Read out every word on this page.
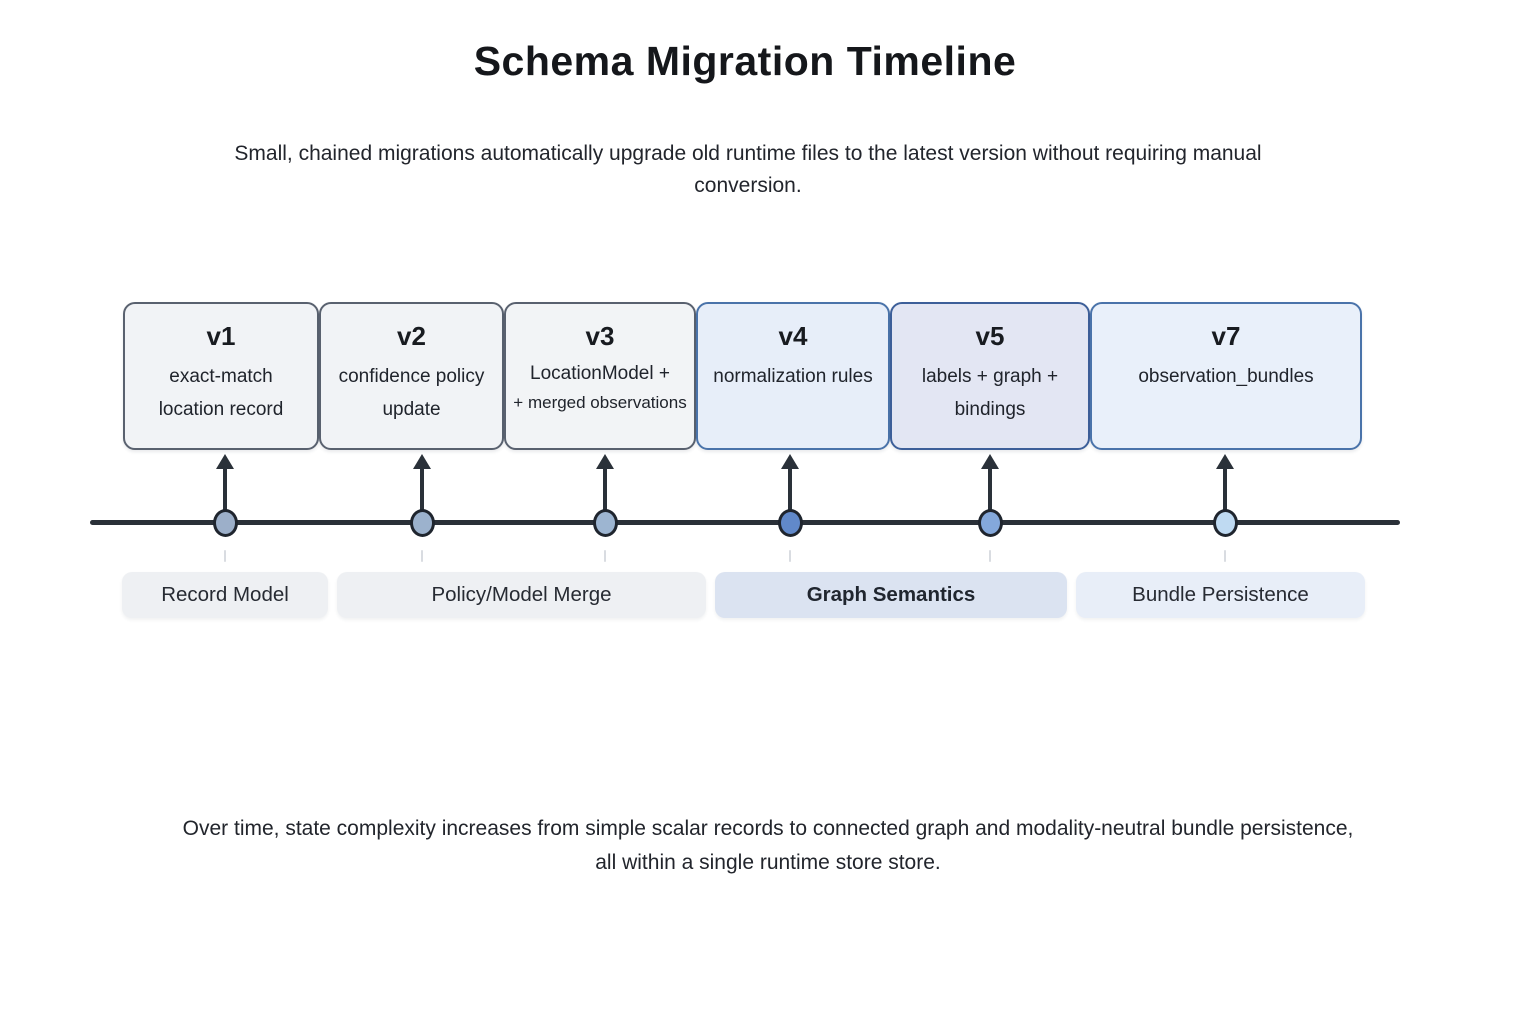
Schema Migration Timeline
Small, chained migrations automatically upgrade old runtime files to the latest version without requiring manual conversion.
v1
exact-match location record
v2
confidence policy update
v3
LocationModel +
+ merged observations
v4
normalization rules
v5
labels + graph + bindings
v7
observation_bundles
Record Model	Policy/Model Merge	Graph Semantics	Bundle Persistence
Over time, state complexity increases from simple scalar records to connected graph and modality-neutral bundle persistence, all within a single runtime store store.
